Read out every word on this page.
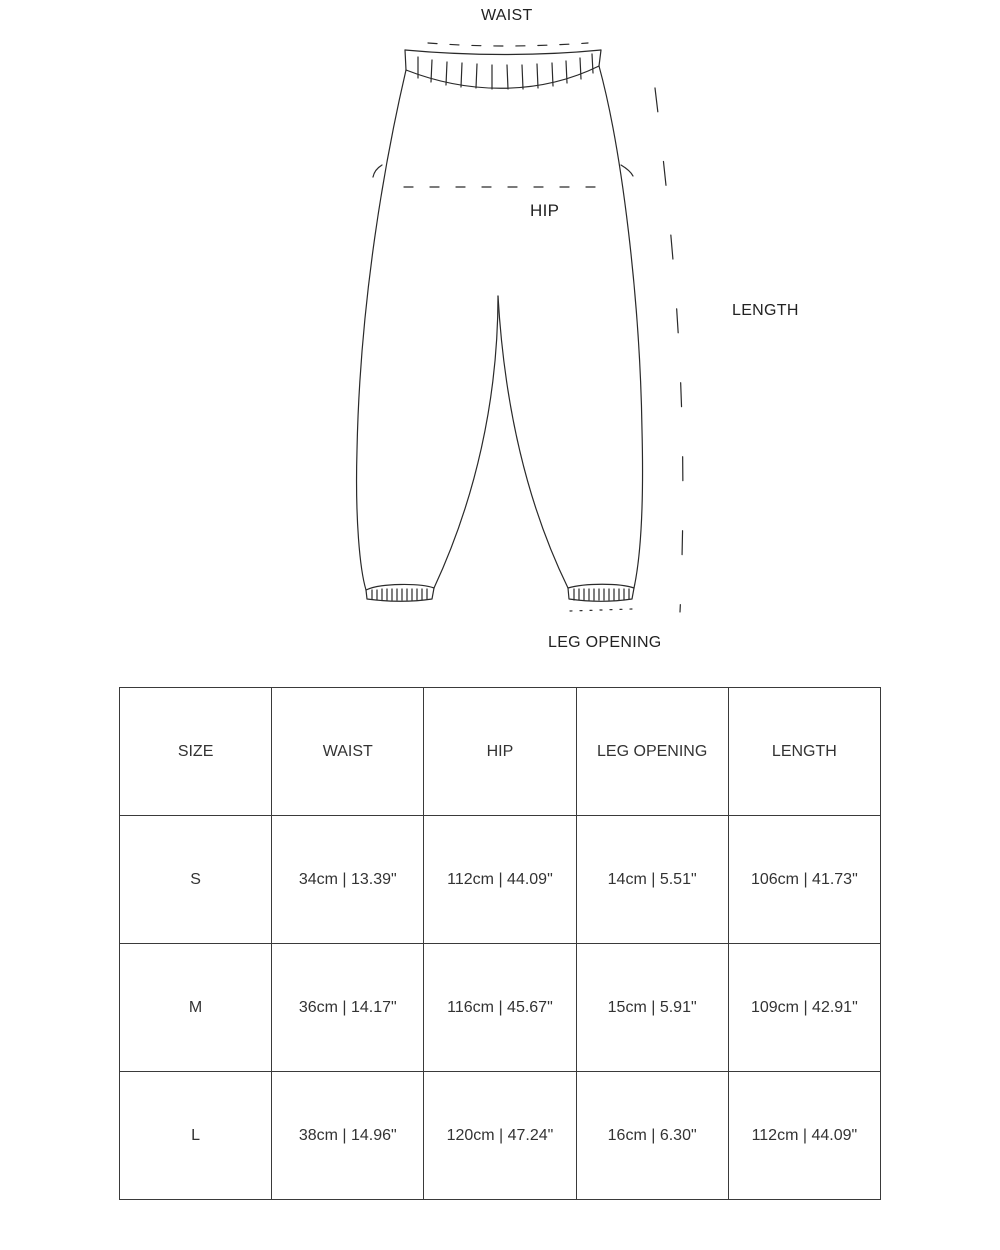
WAIST
HIP
LENGTH
LEG OPENING
SIZE	WAIST	HIP	LEG OPENING	LENGTH
S	34cm | 13.39"	112cm | 44.09"	14cm | 5.51"	106cm | 41.73"
M	36cm | 14.17"	116cm | 45.67"	15cm | 5.91"	109cm | 42.91"
L	38cm | 14.96"	120cm | 47.24"	16cm | 6.30"	112cm | 44.09"
